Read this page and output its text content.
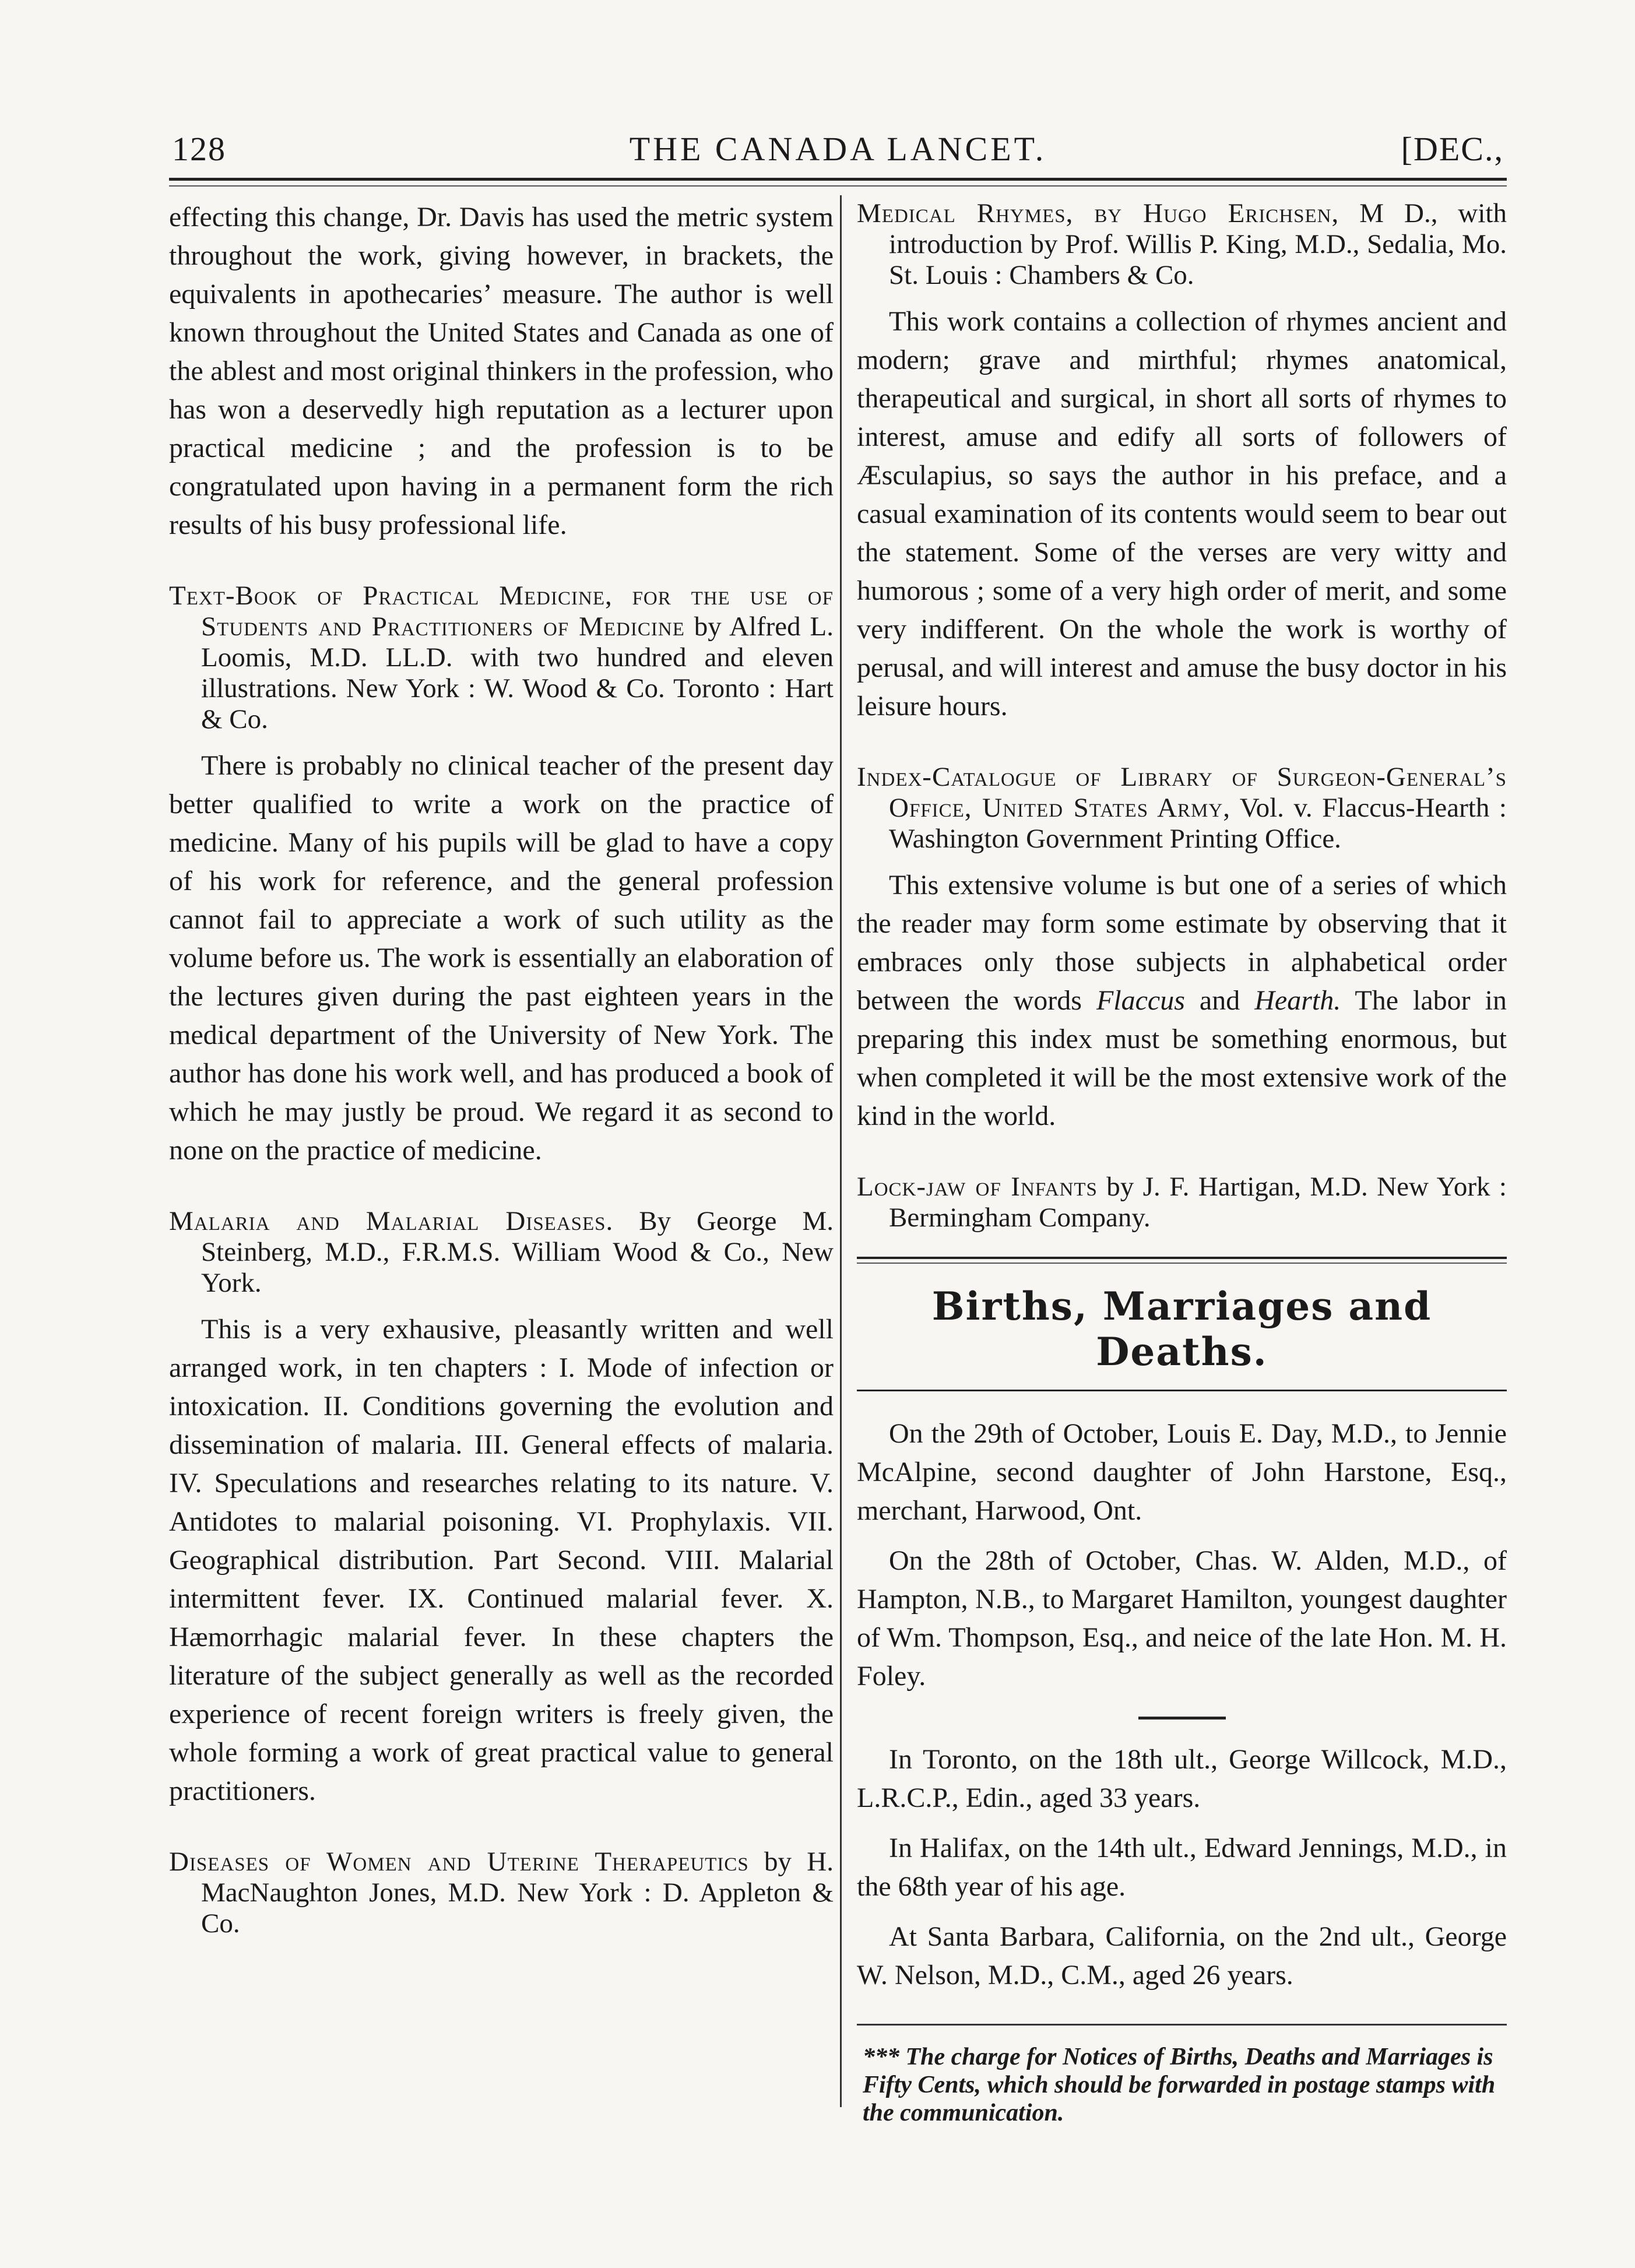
128	THE CANADA LANCET.	[DEC.,

effecting this change, Dr. Davis has used the metric system throughout the work, giving however, in brackets, the equivalents in apothecaries’ measure. The author is well known throughout the United States and Canada as one of the ablest and most original thinkers in the profession, who has won a deservedly high reputation as a lecturer upon practical medicine ; and the profession is to be congratulated upon having in a permanent form the rich results of his busy professional life.

Text-Book of Practical Medicine, for the use of Students and Practitioners of Medicine by Alfred L. Loomis, M.D. LL.D. with two hundred and eleven illustrations. New York : W. Wood & Co. Toronto : Hart & Co.

There is probably no clinical teacher of the present day better qualified to write a work on the practice of medicine. Many of his pupils will be glad to have a copy of his work for reference, and the general profession cannot fail to appreciate a work of such utility as the volume before us. The work is essentially an elaboration of the lectures given during the past eighteen years in the medical department of the University of New York. The author has done his work well, and has produced a book of which he may justly be proud. We regard it as second to none on the practice of medicine.

Malaria and Malarial Diseases. By George M. Steinberg, M.D., F.R.M.S. William Wood & Co., New York.

This is a very exhausive, pleasantly written and well arranged work, in ten chapters : I. Mode of infection or intoxication. II. Conditions governing the evolution and dissemination of malaria. III. General effects of malaria. IV. Speculations and researches relating to its nature. V. Antidotes to malarial poisoning. VI. Prophylaxis. VII. Geographical distribution. Part Second. VIII. Malarial intermittent fever. IX. Continued malarial fever. X. Hæmorrhagic malarial fever. In these chapters the literature of the subject generally as well as the recorded experience of recent foreign writers is freely given, the whole forming a work of great practical value to general practitioners.

Diseases of Women and Uterine Therapeutics by H. MacNaughton Jones, M.D. New York : D. Appleton & Co.
Medical Rhymes, by Hugo Erichsen, M D., with introduction by Prof. Willis P. King, M.D., Sedalia, Mo. St. Louis : Chambers & Co.

This work contains a collection of rhymes ancient and modern; grave and mirthful; rhymes anatomical, therapeutical and surgical, in short all sorts of rhymes to interest, amuse and edify all sorts of followers of Æsculapius, so says the author in his preface, and a casual examination of its contents would seem to bear out the statement. Some of the verses are very witty and humorous ; some of a very high order of merit, and some very indifferent. On the whole the work is worthy of perusal, and will interest and amuse the busy doctor in his leisure hours.

Index-Catalogue of Library of Surgeon-General’s Office, United States Army, Vol. v. Flaccus-Hearth : Washington Government Printing Office.

This extensive volume is but one of a series of which the reader may form some estimate by observing that it embraces only those subjects in alphabetical order between the words Flaccus and Hearth. The labor in preparing this index must be something enormous, but when completed it will be the most extensive work of the kind in the world.

Lock-jaw of Infants by J. F. Hartigan, M.D. New York : Bermingham Company.
Births, Marriages and Deaths.

On the 29th of October, Louis E. Day, M.D., to Jennie McAlpine, second daughter of John Harstone, Esq., merchant, Harwood, Ont.

On the 28th of October, Chas. W. Alden, M.D., of Hampton, N.B., to Margaret Hamilton, youngest daughter of Wm. Thompson, Esq., and neice of the late Hon. M. H. Foley.

In Toronto, on the 18th ult., George Willcock, M.D., L.R.C.P., Edin., aged 33 years.

In Halifax, on the 14th ult., Edward Jennings, M.D., in the 68th year of his age.

At Santa Barbara, California, on the 2nd ult., George W. Nelson, M.D., C.M., aged 26 years.

*** The charge for Notices of Births, Deaths and Marriages is Fifty Cents, which should be forwarded in postage stamps with the communication.
